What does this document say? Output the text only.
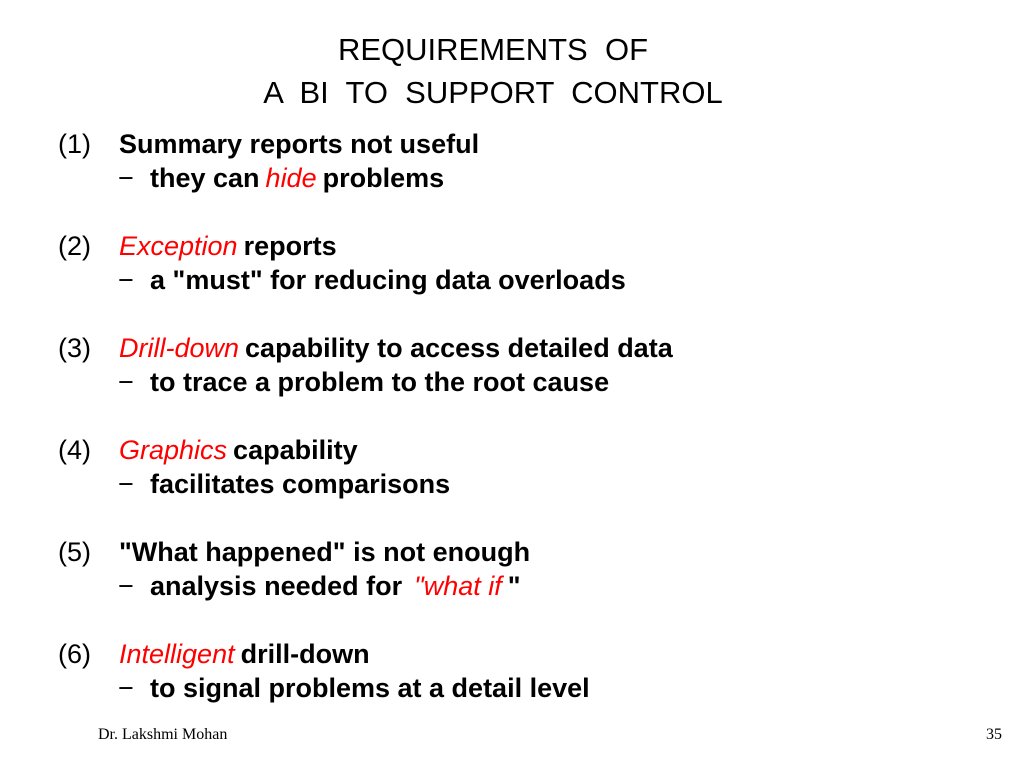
REQUIREMENTS  OF
A  BI  TO  SUPPORT  CONTROL
(1) Summary reports not useful
− they can hide problems
(2) Exception reports
− a "must" for reducing data overloads
(3) Drill-down capability to access detailed data
− to trace a problem to the root cause
(4) Graphics capability
− facilitates comparisons
(5) "What happened" is not enough
− analysis needed for "what if "
(6) Intelligent drill-down
− to signal problems at a detail level
Dr. Lakshmi Mohan	35
